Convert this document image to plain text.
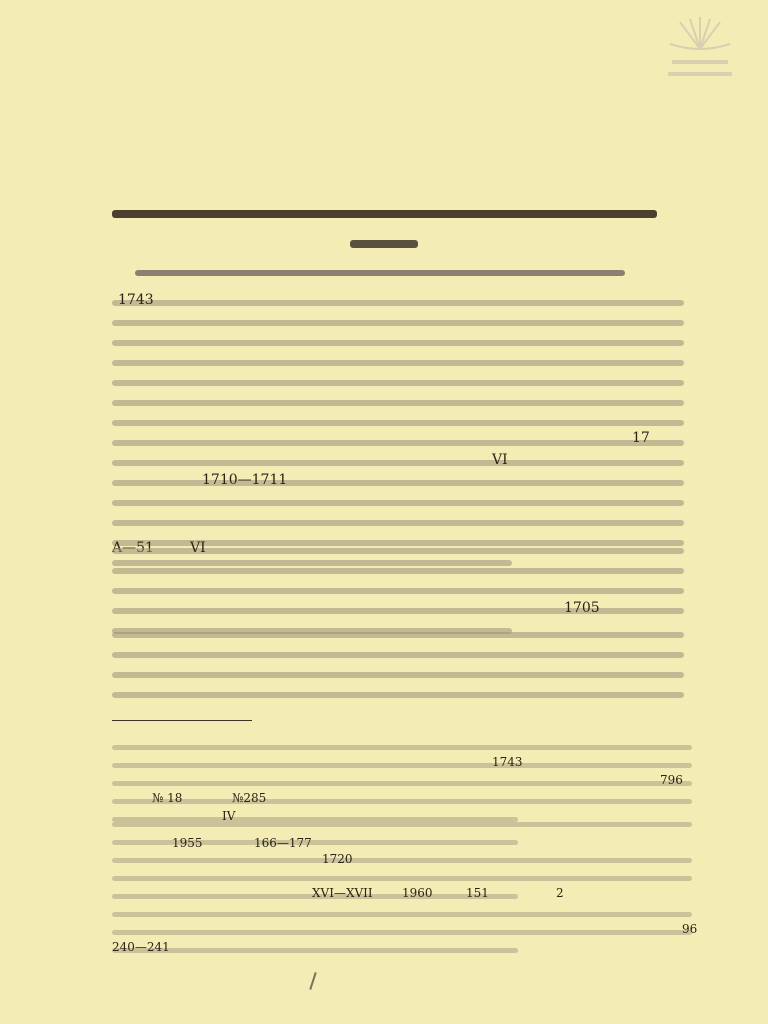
1743
17
VI
1710—1711
VI
1705
1743
796
№ 18	№285
IV
1955	166—177
1720
XVI—XVII 1960	151	2
96
240—241
